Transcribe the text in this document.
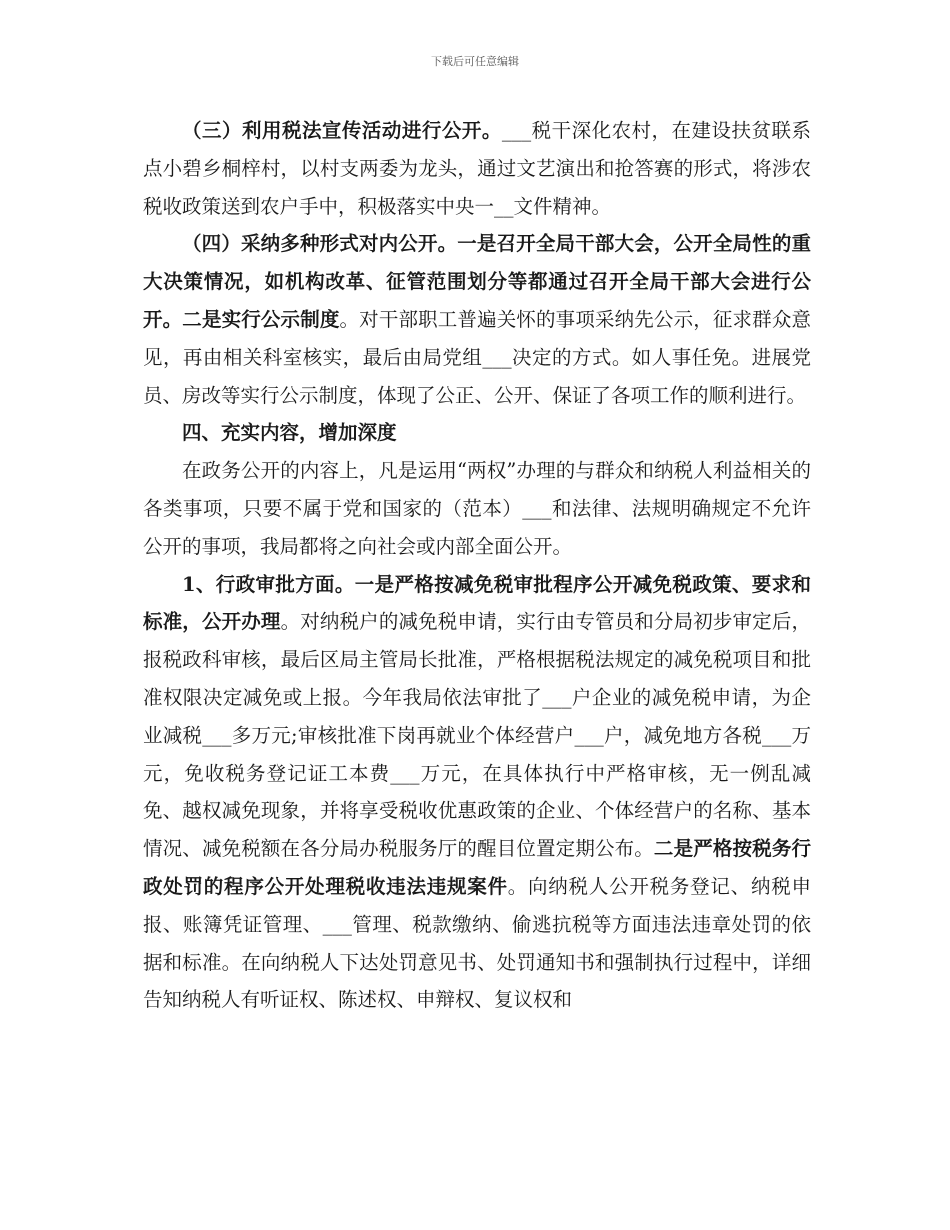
下载后可任意编辑

（三）利用税法宣传活动进行公开。___税干深化农村，在建设扶贫联系点小碧乡桐梓村，以村支两委为龙头，通过文艺演出和抢答赛的形式，将涉农税收政策送到农户手中，积极落实中央一__文件精神。

（四）采纳多种形式对内公开。一是召开全局干部大会，公开全局性的重大决策情况，如机构改革、征管范围划分等都通过召开全局干部大会进行公开。二是实行公示制度。对干部职工普遍关怀的事项采纳先公示，征求群众意见，再由相关科室核实，最后由局党组___决定的方式。如人事任免。进展党员、房改等实行公示制度，体现了公正、公开、保证了各项工作的顺利进行。

四、充实内容，增加深度

在政务公开的内容上，凡是运用“两权”办理的与群众和纳税人利益相关的各类事项，只要不属于党和国家的（范本）___和法律、法规明确规定不允许公开的事项，我局都将之向社会或内部全面公开。

1、行政审批方面。一是严格按减免税审批程序公开减免税政策、要求和标准，公开办理。对纳税户的减免税申请，实行由专管员和分局初步审定后，报税政科审核，最后区局主管局长批准，严格根据税法规定的减免税项目和批准权限决定减免或上报。今年我局依法审批了___户企业的减免税申请，为企业减税___多万元;审核批准下岗再就业个体经营户___户，减免地方各税___万元，免收税务登记证工本费___万元，在具体执行中严格审核，无一例乱减免、越权减免现象，并将享受税收优惠政策的企业、个体经营户的名称、基本情况、减免税额在各分局办税服务厅的醒目位置定期公布。二是严格按税务行政处罚的程序公开处理税收违法违规案件。向纳税人公开税务登记、纳税申报、账簿凭证管理、___管理、税款缴纳、偷逃抗税等方面违法违章处罚的依据和标准。在向纳税人下达处罚意见书、处罚通知书和强制执行过程中，详细告知纳税人有听证权、陈述权、申辩权、复议权和
